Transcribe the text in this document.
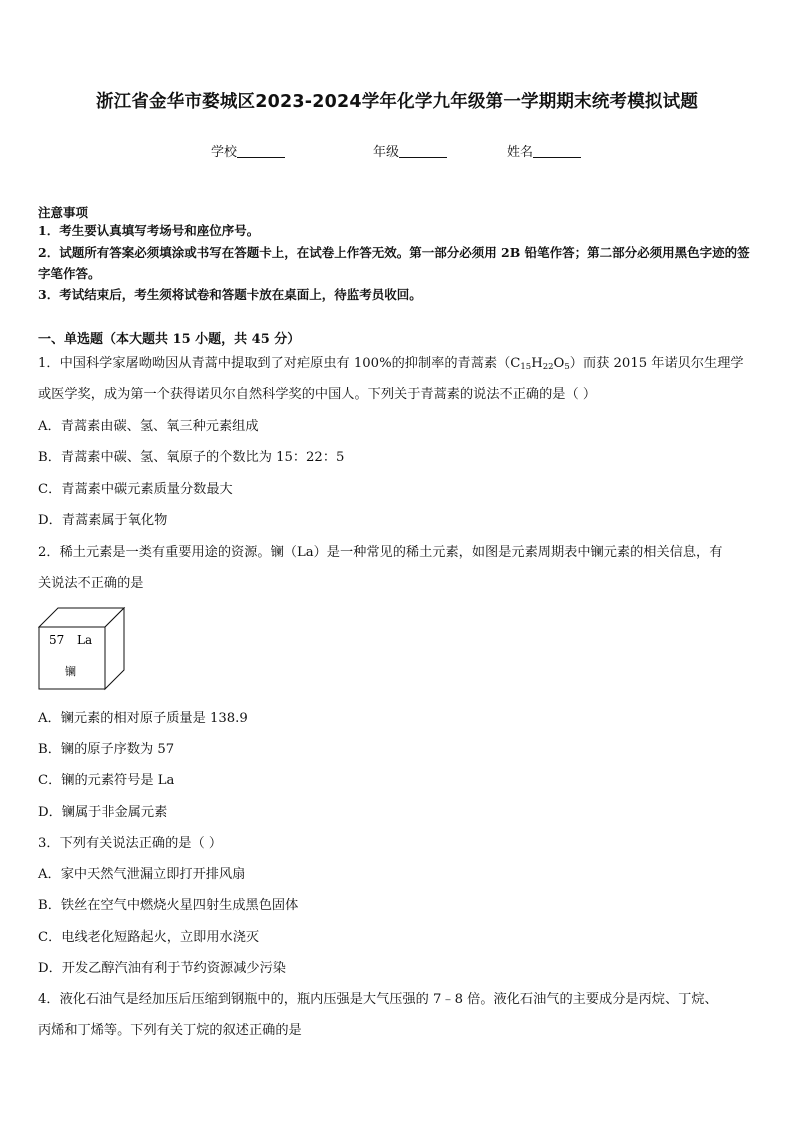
浙江省金华市婺城区2023-2024学年化学九年级第一学期期末统考模拟试题
学校	年级	姓名
注意事项
1．考生要认真填写考场号和座位序号。
2．试题所有答案必须填涂或书写在答题卡上，在试卷上作答无效。第一部分必须用 2B 铅笔作答；第二部分必须用黑色字迹的签字笔作答。
3．考试结束后，考生须将试卷和答题卡放在桌面上，待监考员收回。
一、单选题（本大题共 15 小题，共 45 分）
1．中国科学家屠呦呦因从青蒿中提取到了对疟原虫有 100%的抑制率的青蒿素$(C_{15}H_{22}O_5)$而获 2015 年诺贝尔生理学
或医学奖，成为第一个获得诺贝尔自然科学奖的中国人。下列关于青蒿素的说法不正确的是（ ）
A．青蒿素由碳、氢、氧三种元素组成
B．青蒿素中碳、氢、氧原子的个数比为 15：22：5
C．青蒿素中碳元素质量分数最大
D．青蒿素属于氧化物
2．稀土元素是一类有重要用途的资源。镧（La）是一种常见的稀土元素，如图是元素周期表中镧元素的相关信息，有
关说法不正确的是
57 La
镧
A．镧元素的相对原子质量是 138.9
B．镧的原子序数为 57
C．镧的元素符号是 La
D．镧属于非金属元素
3．下列有关说法正确的是（ ）
A．家中天然气泄漏立即打开排风扇
B．铁丝在空气中燃烧火星四射生成黑色固体
C．电线老化短路起火，立即用水浇灭
D．开发乙醇汽油有利于节约资源减少污染
4．液化石油气是经加压后压缩到钢瓶中的，瓶内压强是大气压强的 7﹣8 倍。液化石油气的主要成分是丙烷、丁烷、
丙烯和丁烯等。下列有关丁烷的叙述正确的是
